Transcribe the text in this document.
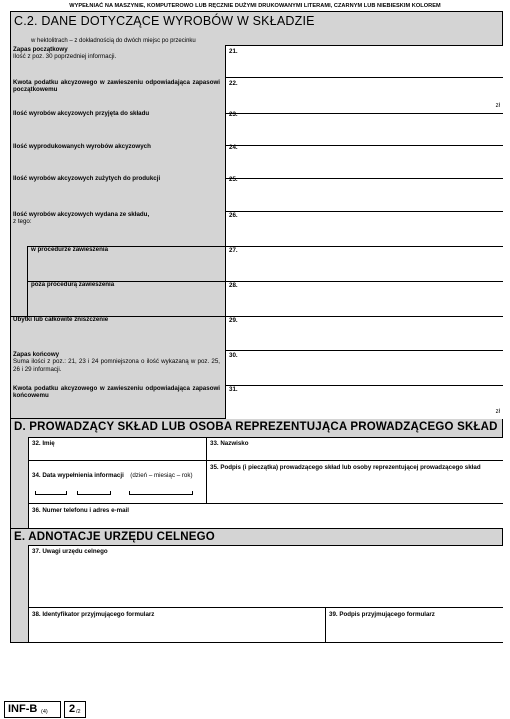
WYPEŁNIAĆ NA MASZYNIE, KOMPUTEROWO LUB RĘCZNIE DUŻYMI DRUKOWANYMI LITERAMI, CZARNYM LUB NIEBIESKIM KOLOREM
C.2. DANE DOTYCZĄCE WYROBÓW W SKŁADZIE
w hektolitrach – z dokładnością do dwóch miejsc po przecinku
Zapas początkowy
Ilość z poz. 30 poprzedniej informacji.
21.
Kwota podatku akcyzowego w zawieszeniu odpowiadająca zapasowi początkowemu
22.
zł
Ilość wyrobów akcyzowych przyjęta do składu	23.
Ilość wyprodukowanych wyrobów akcyzowych	24.
Ilość wyrobów akcyzowych zużytych do produkcji	25.
Ilość wyrobów akcyzowych wydana ze składu,
z tego:
26.
w procedurze zawieszenia	27.
poza procedurą zawieszenia	28.
Ubytki lub całkowite zniszczenie	29.
Zapas końcowy
Suma ilości z poz.: 21, 23 i 24 pomniejszona o ilość wykazaną w poz. 25, 26 i 29 informacji.
30.
Kwota podatku akcyzowego w zawieszeniu odpowiadająca zapasowi końcowemu
31.
zł
D. PROWADZĄCY SKŁAD LUB OSOBA REPREZENTUJĄCA PROWADZĄCEGO SKŁAD
32. Imię	33. Nazwisko
34. Data wypełnienia informacji (dzień – miesiąc – rok)
35. Podpis (i pieczątka) prowadzącego skład lub osoby reprezentującej prowadzącego skład
36. Numer telefonu i adres e-mail
E. ADNOTACJE URZĘDU CELNEGO
37. Uwagi urzędu celnego
38. Identyfikator przyjmującego formularz	39. Podpis przyjmującego formularz
INF-B (4) 2 /2
